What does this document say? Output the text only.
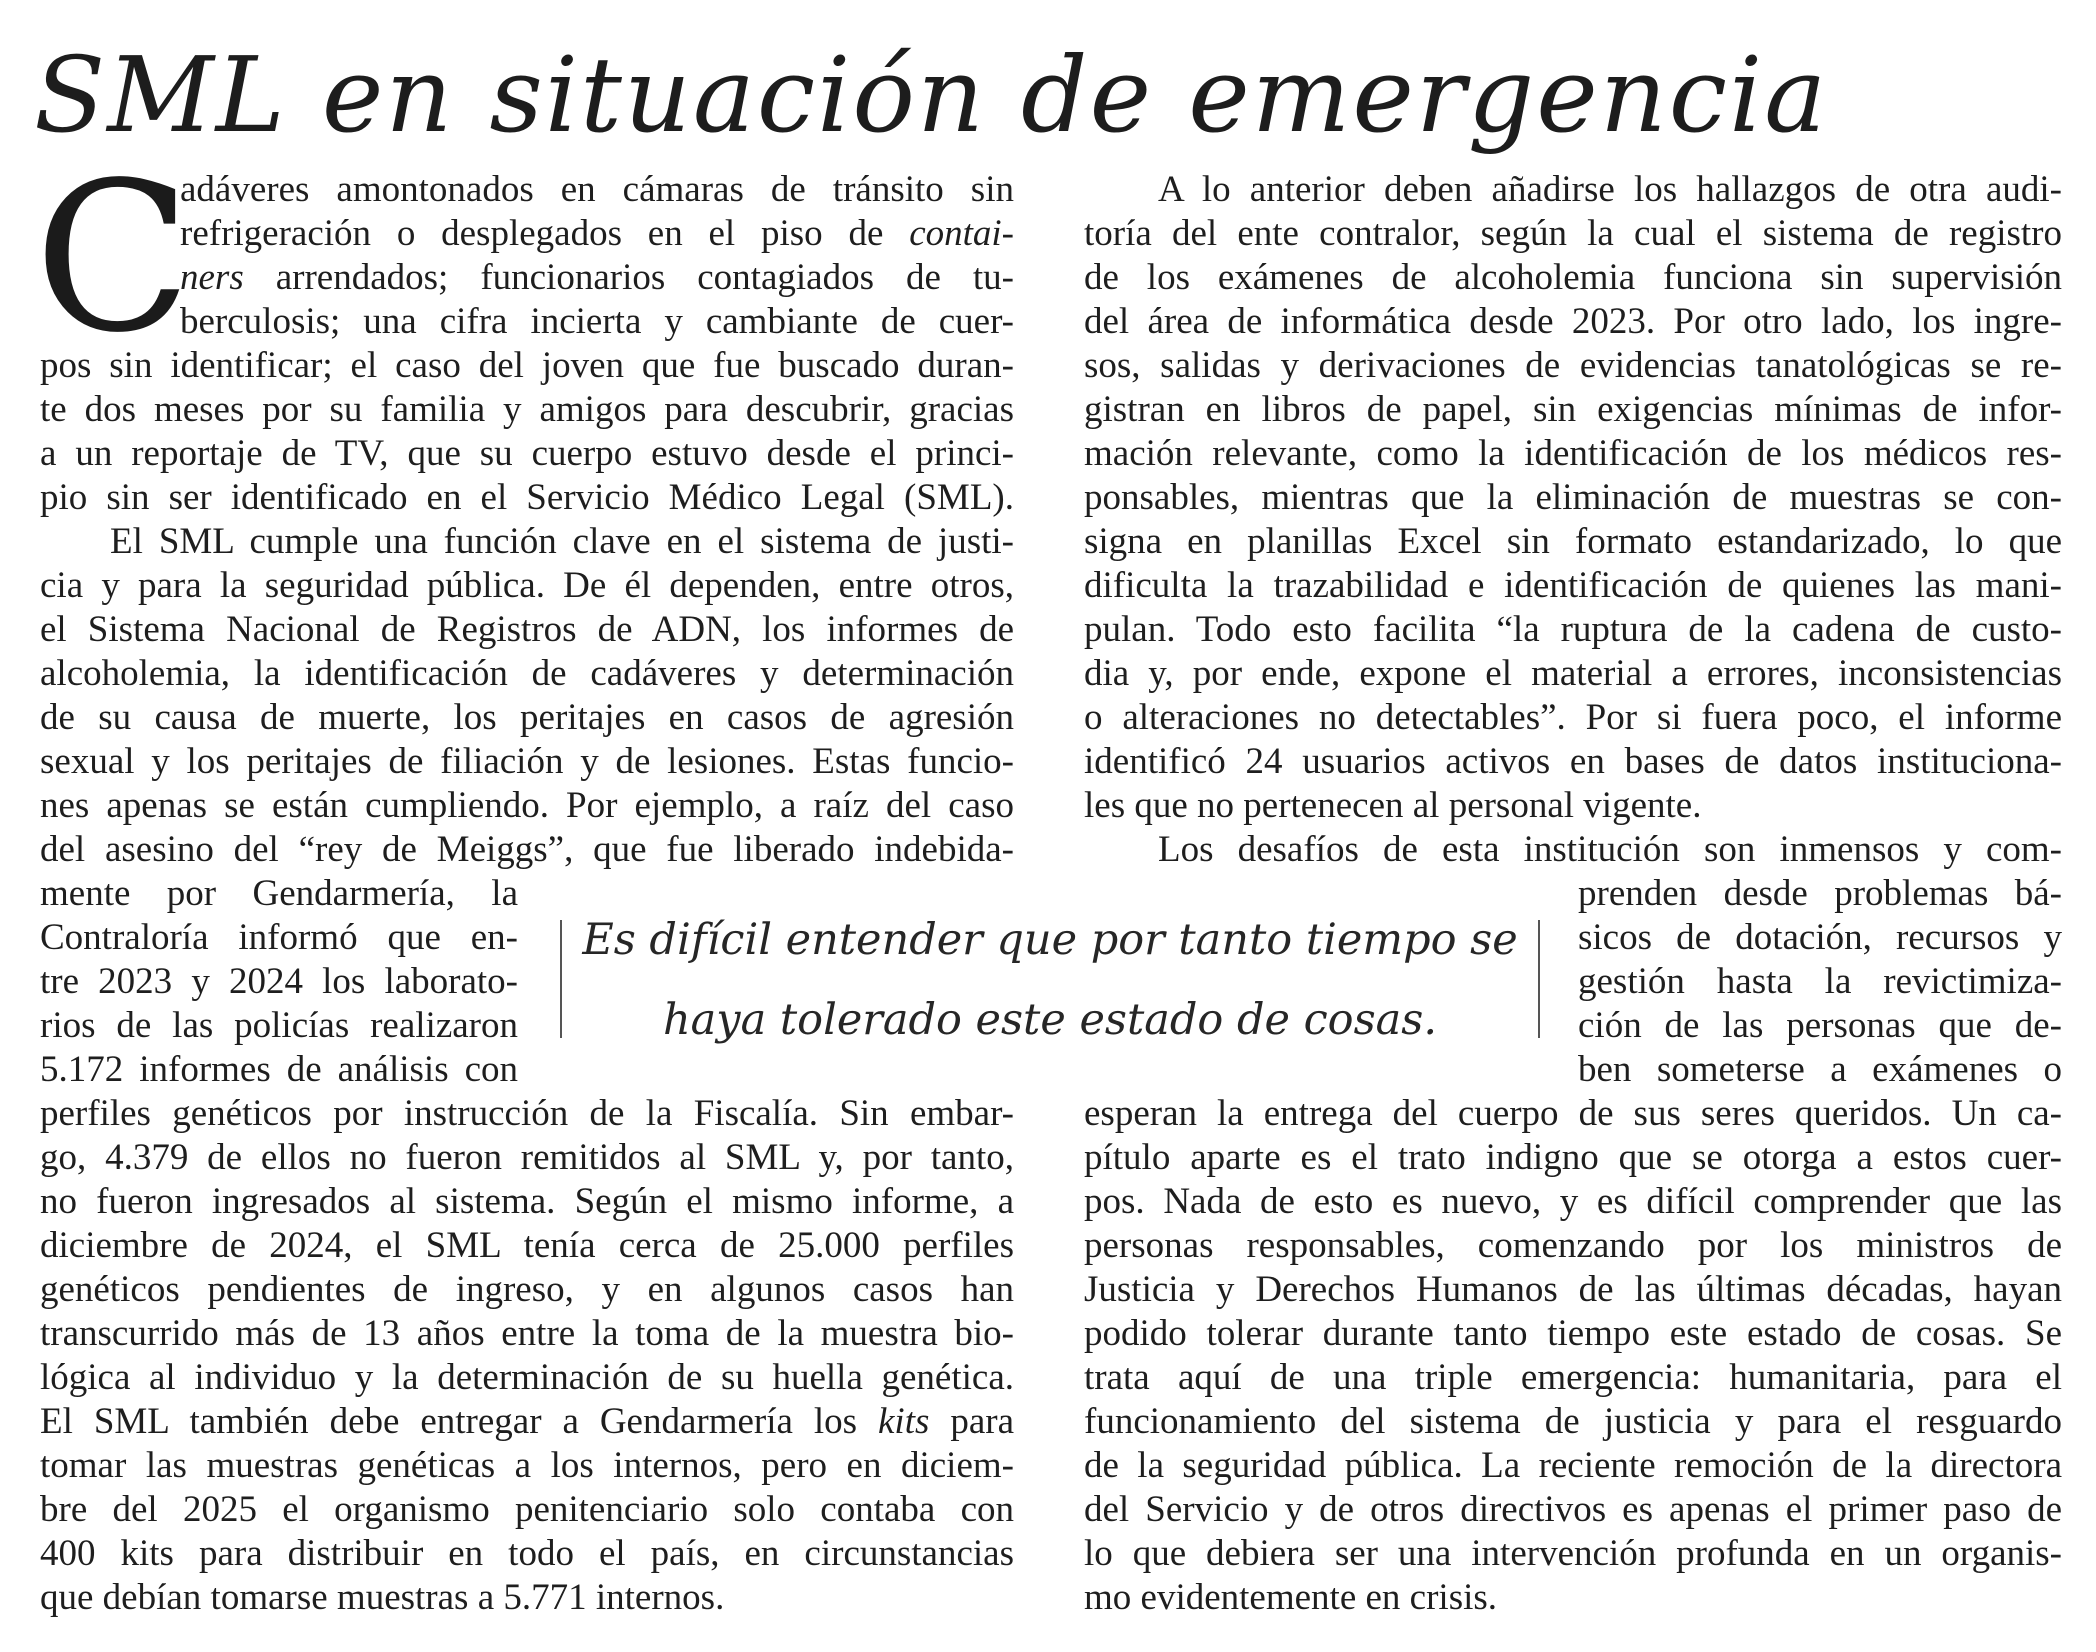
SML en situación de emergencia
C

adáveres amontonados en cámaras de tránsito sin

refrigeración o desplegados en el piso de contai-

ners arrendados; funcionarios contagiados de tu-

berculosis; una cifra incierta y cambiante de cuer-

pos sin identificar; el caso del joven que fue buscado duran-

te dos meses por su familia y amigos para descubrir, gracias

a un reportaje de TV, que su cuerpo estuvo desde el princi-

pio sin ser identificado en el Servicio Médico Legal (SML).

El SML cumple una función clave en el sistema de justi-

cia y para la seguridad pública. De él dependen, entre otros,

el Sistema Nacional de Registros de ADN, los informes de

alcoholemia, la identificación de cadáveres y determinación

de su causa de muerte, los peritajes en casos de agresión

sexual y los peritajes de filiación y de lesiones. Estas funcio-

nes apenas se están cumpliendo. Por ejemplo, a raíz del caso

del asesino del “rey de Meiggs”, que fue liberado indebida-

mente por Gendarmería, la

Contraloría informó que en-

tre 2023 y 2024 los laborato-

rios de las policías realizaron

5.172 informes de análisis con

perfiles genéticos por instrucción de la Fiscalía. Sin embar-

go, 4.379 de ellos no fueron remitidos al SML y, por tanto,

no fueron ingresados al sistema. Según el mismo informe, a

diciembre de 2024, el SML tenía cerca de 25.000 perfiles

genéticos pendientes de ingreso, y en algunos casos han

transcurrido más de 13 años entre la toma de la muestra bio-

lógica al individuo y la determinación de su huella genética.

El SML también debe entregar a Gendarmería los kits para

tomar las muestras genéticas a los internos, pero en diciem-

bre del 2025 el organismo penitenciario solo contaba con

400 kits para distribuir en todo el país, en circunstancias

que debían tomarse muestras a 5.771 internos.

Es difícil entender que por tanto tiempo se
haya tolerado este estado de cosas.

A lo anterior deben añadirse los hallazgos de otra audi-

toría del ente contralor, según la cual el sistema de registro

de los exámenes de alcoholemia funciona sin supervisión

del área de informática desde 2023. Por otro lado, los ingre-

sos, salidas y derivaciones de evidencias tanatológicas se re-

gistran en libros de papel, sin exigencias mínimas de infor-

mación relevante, como la identificación de los médicos res-

ponsables, mientras que la eliminación de muestras se con-

signa en planillas Excel sin formato estandarizado, lo que

dificulta la trazabilidad e identificación de quienes las mani-

pulan. Todo esto facilita “la ruptura de la cadena de custo-

dia y, por ende, expone el material a errores, inconsistencias

o alteraciones no detectables”. Por si fuera poco, el informe

identificó 24 usuarios activos en bases de datos instituciona-

les que no pertenecen al personal vigente.

Los desafíos de esta institución son inmensos y com-

prenden desde problemas bá-

sicos de dotación, recursos y

gestión hasta la revictimiza-

ción de las personas que de-

ben someterse a exámenes o

esperan la entrega del cuerpo de sus seres queridos. Un ca-

pítulo aparte es el trato indigno que se otorga a estos cuer-

pos. Nada de esto es nuevo, y es difícil comprender que las

personas responsables, comenzando por los ministros de

Justicia y Derechos Humanos de las últimas décadas, hayan

podido tolerar durante tanto tiempo este estado de cosas. Se

trata aquí de una triple emergencia: humanitaria, para el

funcionamiento del sistema de justicia y para el resguardo

de la seguridad pública. La reciente remoción de la directora

del Servicio y de otros directivos es apenas el primer paso de

lo que debiera ser una intervención profunda en un organis-

mo evidentemente en crisis.
